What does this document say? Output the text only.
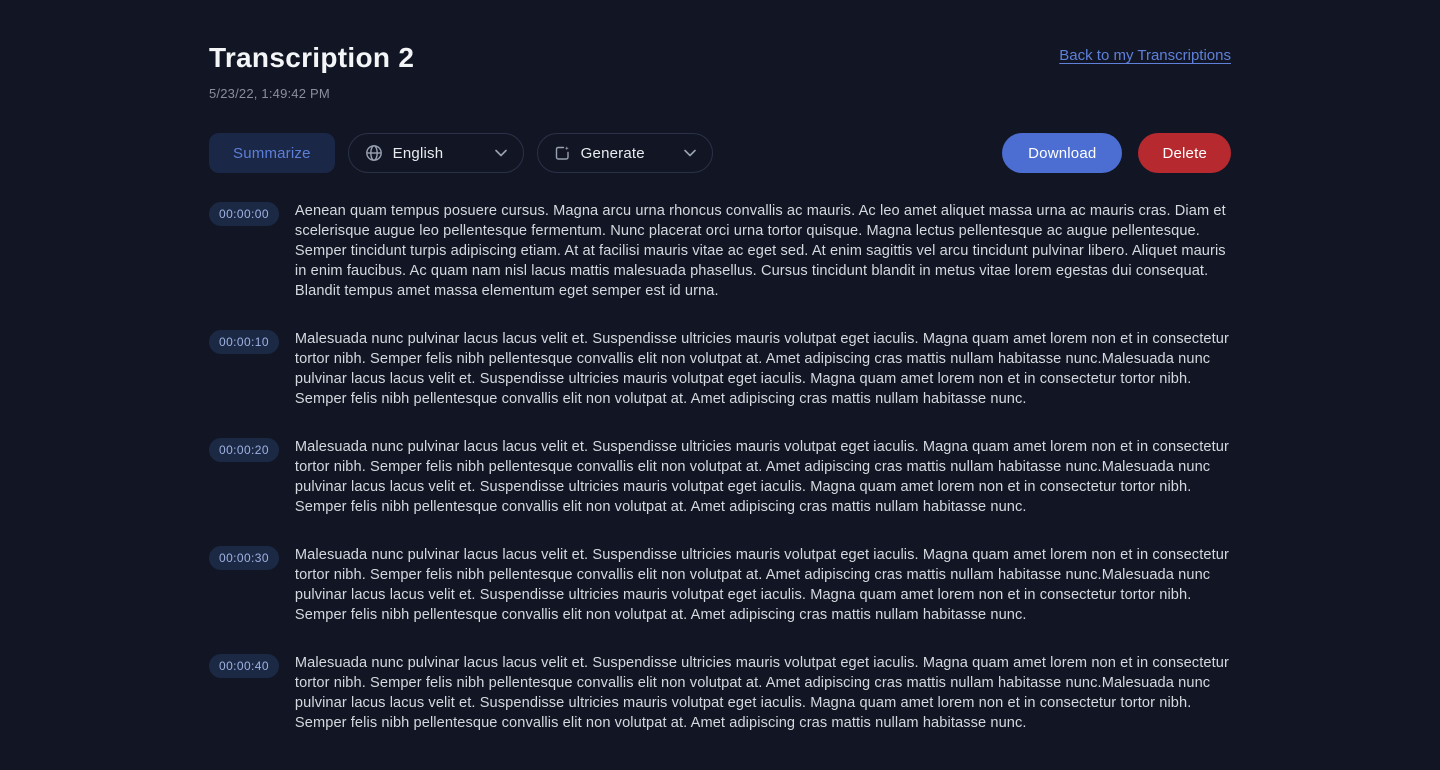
Transcription 2
5/23/22, 1:49:42 PM
Back to my Transcriptions
Summarize	English	Generate	Download	Delete
00:00:00	Aenean quam tempus posuere cursus. Magna arcu urna rhoncus convallis ac mauris. Ac leo amet aliquet massa urna ac mauris cras. Diam et scelerisque augue leo pellentesque fermentum. Nunc placerat orci urna tortor quisque. Magna lectus pellentesque ac augue pellentesque. Semper tincidunt turpis adipiscing etiam. At at facilisi mauris vitae ac eget sed. At enim sagittis vel arcu tincidunt pulvinar libero. Aliquet mauris in enim faucibus. Ac quam nam nisl lacus mattis malesuada phasellus. Cursus tincidunt blandit in metus vitae lorem egestas dui consequat. Blandit tempus amet massa elementum eget semper est id urna.

00:00:10	Malesuada nunc pulvinar lacus lacus velit et. Suspendisse ultricies mauris volutpat eget iaculis. Magna quam amet lorem non et in consectetur tortor nibh. Semper felis nibh pellentesque convallis elit non volutpat at. Amet adipiscing cras mattis nullam habitasse nunc.Malesuada nunc pulvinar lacus lacus velit et. Suspendisse ultricies mauris volutpat eget iaculis. Magna quam amet lorem non et in consectetur tortor nibh. Semper felis nibh pellentesque convallis elit non volutpat at. Amet adipiscing cras mattis nullam habitasse nunc.

00:00:20	Malesuada nunc pulvinar lacus lacus velit et. Suspendisse ultricies mauris volutpat eget iaculis. Magna quam amet lorem non et in consectetur tortor nibh. Semper felis nibh pellentesque convallis elit non volutpat at. Amet adipiscing cras mattis nullam habitasse nunc.Malesuada nunc pulvinar lacus lacus velit et. Suspendisse ultricies mauris volutpat eget iaculis. Magna quam amet lorem non et in consectetur tortor nibh. Semper felis nibh pellentesque convallis elit non volutpat at. Amet adipiscing cras mattis nullam habitasse nunc.

00:00:30	Malesuada nunc pulvinar lacus lacus velit et. Suspendisse ultricies mauris volutpat eget iaculis. Magna quam amet lorem non et in consectetur tortor nibh. Semper felis nibh pellentesque convallis elit non volutpat at. Amet adipiscing cras mattis nullam habitasse nunc.Malesuada nunc pulvinar lacus lacus velit et. Suspendisse ultricies mauris volutpat eget iaculis. Magna quam amet lorem non et in consectetur tortor nibh. Semper felis nibh pellentesque convallis elit non volutpat at. Amet adipiscing cras mattis nullam habitasse nunc.

00:00:40	Malesuada nunc pulvinar lacus lacus velit et. Suspendisse ultricies mauris volutpat eget iaculis. Magna quam amet lorem non et in consectetur tortor nibh. Semper felis nibh pellentesque convallis elit non volutpat at. Amet adipiscing cras mattis nullam habitasse nunc.Malesuada nunc pulvinar lacus lacus velit et. Suspendisse ultricies mauris volutpat eget iaculis. Magna quam amet lorem non et in consectetur tortor nibh. Semper felis nibh pellentesque convallis elit non volutpat at. Amet adipiscing cras mattis nullam habitasse nunc.
